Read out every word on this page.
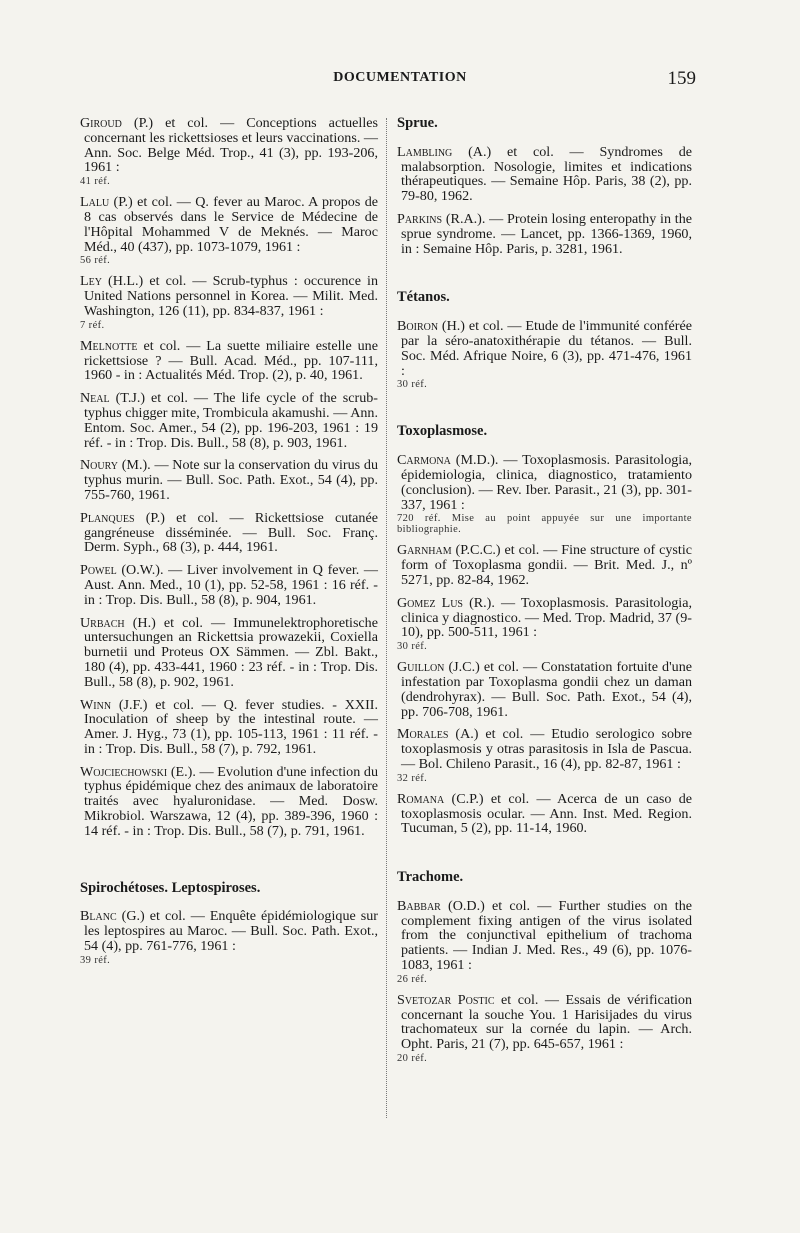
DOCUMENTATION	159

Giroud (P.) et col. — Conceptions actuelles concernant les rickettsioses et leurs vaccinations. — Ann. Soc. Belge Méd. Trop., 41 (3), pp. 193-206, 1961 :

41 réf.

Lalu (P.) et col. — Q. fever au Maroc. A propos de 8 cas observés dans le Service de Médecine de l'Hôpital Mohammed V de Meknés. — Maroc Méd., 40 (437), pp. 1073-1079, 1961 :

56 réf.

Ley (H.L.) et col. — Scrub-typhus : occurence in United Nations personnel in Korea. — Milit. Med. Washington, 126 (11), pp. 834-837, 1961 :

7 réf.

Melnotte et col. — La suette miliaire estelle une rickettsiose ? — Bull. Acad. Méd., pp. 107-111, 1960 - in : Actualités Méd. Trop. (2), p. 40, 1961.

Neal (T.J.) et col. — The life cycle of the scrub-typhus chigger mite, Trombicula akamushi. — Ann. Entom. Soc. Amer., 54 (2), pp. 196-203, 1961 : 19 réf. - in : Trop. Dis. Bull., 58 (8), p. 903, 1961.

Noury (M.). — Note sur la conservation du virus du typhus murin. — Bull. Soc. Path. Exot., 54 (4), pp. 755-760, 1961.

Planques (P.) et col. — Rickettsiose cutanée gangréneuse disséminée. — Bull. Soc. Franç. Derm. Syph., 68 (3), p. 444, 1961.

Powel (O.W.). — Liver involvement in Q fever. — Aust. Ann. Med., 10 (1), pp. 52-58, 1961 : 16 réf. - in : Trop. Dis. Bull., 58 (8), p. 904, 1961.

Urbach (H.) et col. — Immunelektrophoretische untersuchungen an Rickettsia prowazekii, Coxiella burnetii und Proteus OX Sämmen. — Zbl. Bakt., 180 (4), pp. 433-441, 1960 : 23 réf. - in : Trop. Dis. Bull., 58 (8), p. 902, 1961.

Winn (J.F.) et col. — Q. fever studies. - XXII. Inoculation of sheep by the intestinal route. — Amer. J. Hyg., 73 (1), pp. 105-113, 1961 : 11 réf. - in : Trop. Dis. Bull., 58 (7), p. 792, 1961.

Wojciechowski (E.). — Evolution d'une infection du typhus épidémique chez des animaux de laboratoire traités avec hyaluronidase. — Med. Dosw. Mikrobiol. Warszawa, 12 (4), pp. 389-396, 1960 : 14 réf. - in : Trop. Dis. Bull., 58 (7), p. 791, 1961.

Spirochétoses. Leptospiroses.

Blanc (G.) et col. — Enquête épidémiologique sur les leptospires au Maroc. — Bull. Soc. Path. Exot., 54 (4), pp. 761-776, 1961 :

39 réf.
Sprue.

Lambling (A.) et col. — Syndromes de malabsorption. Nosologie, limites et indications thérapeutiques. — Semaine Hôp. Paris, 38 (2), pp. 79-80, 1962.

Parkins (R.A.). — Protein losing enteropathy in the sprue syndrome. — Lancet, pp. 1366-1369, 1960, in : Semaine Hôp. Paris, p. 3281, 1961.

Tétanos.

Boiron (H.) et col. — Etude de l'immunité conférée par la séro-anatoxithérapie du tétanos. — Bull. Soc. Méd. Afrique Noire, 6 (3), pp. 471-476, 1961 :

30 réf.
Toxoplasmose.

Carmona (M.D.). — Toxoplasmosis. Parasitologia, épidemiologia, clinica, diagnostico, tratamiento (conclusion). — Rev. Iber. Parasit., 21 (3), pp. 301-337, 1961 :

720 réf. Mise au point appuyée sur une importante bibliographie.

Garnham (P.C.C.) et col. — Fine structure of cystic form of Toxoplasma gondii. — Brit. Med. J., nº 5271, pp. 82-84, 1962.

Gomez Lus (R.). — Toxoplasmosis. Parasitologia, clinica y diagnostico. — Med. Trop. Madrid, 37 (9-10), pp. 500-511, 1961 :

30 réf.

Guillon (J.C.) et col. — Constatation fortuite d'une infestation par Toxoplasma gondii chez un daman (dendrohyrax). — Bull. Soc. Path. Exot., 54 (4), pp. 706-708, 1961.

Morales (A.) et col. — Etudio serologico sobre toxoplasmosis y otras parasitosis in Isla de Pascua. — Bol. Chileno Parasit., 16 (4), pp. 82-87, 1961 :

32 réf.

Romana (C.P.) et col. — Acerca de un caso de toxoplasmosis ocular. — Ann. Inst. Med. Region. Tucuman, 5 (2), pp. 11-14, 1960.

Trachome.

Babbar (O.D.) et col. — Further studies on the complement fixing antigen of the virus isolated from the conjunctival epithelium of trachoma patients. — Indian J. Med. Res., 49 (6), pp. 1076-1083, 1961 :

26 réf.

Svetozar Postic et col. — Essais de vérification concernant la souche You. 1 Harisijades du virus trachomateux sur la cornée du lapin. — Arch. Opht. Paris, 21 (7), pp. 645-657, 1961 :

20 réf.
